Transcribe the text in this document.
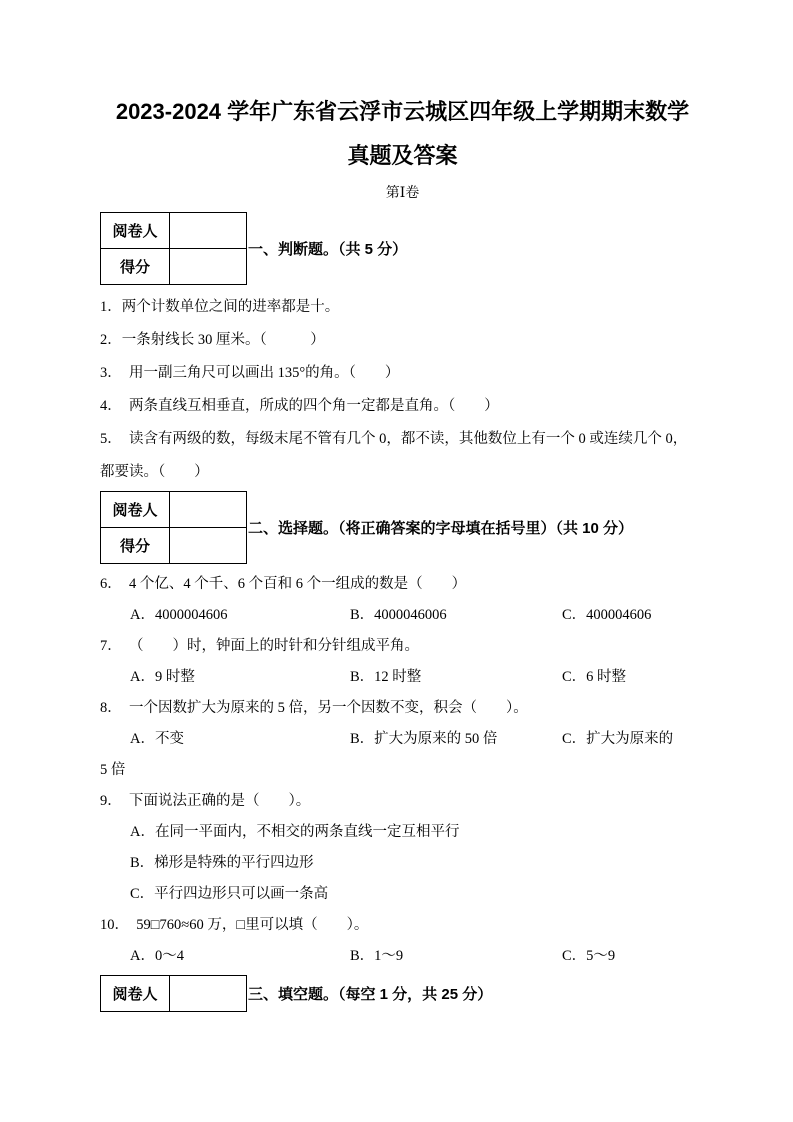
2023-2024 学年广东省云浮市云城区四年级上学期期末数学
真题及答案
第Ⅰ卷
阅卷人	
得分	
一、判断题。（共 5 分）
1．两个计数单位之间的进率都是十。
2．一条射线长 30 厘米。（　　　）
3．  用一副三角尺可以画出 135°的角。（　　）
4．  两条直线互相垂直，所成的四个角一定都是直角。（　　）
5．  读含有两级的数，每级末尾不管有几个 0，都不读，其他数位上有一个 0 或连续几个 0，
都要读。（　　）
阅卷人	
得分	
二、选择题。（将正确答案的字母填在括号里）（共 10 分）
6．  4 个亿、4 个千、6 个百和 6 个一组成的数是（　　）
A．4000004606	B．4000046006	C．400004606
7．  （　　）时，钟面上的时针和分针组成平角。
A．9 时整	B．12 时整	C．6 时整
8．  一个因数扩大为原来的 5 倍，另一个因数不变，积会（　　）。
A．不变	B．扩大为原来的 50 倍	C．扩大为原来的
5 倍
9．  下面说法正确的是（　　）。
A．在同一平面内，不相交的两条直线一定互相平行
B．梯形是特殊的平行四边形
C．平行四边形只可以画一条高
10．  59□760≈60 万，□里可以填（　　）。
A．0～4	B．1～9	C．5～9
阅卷人		三、填空题。（每空 1 分，共 25 分）
